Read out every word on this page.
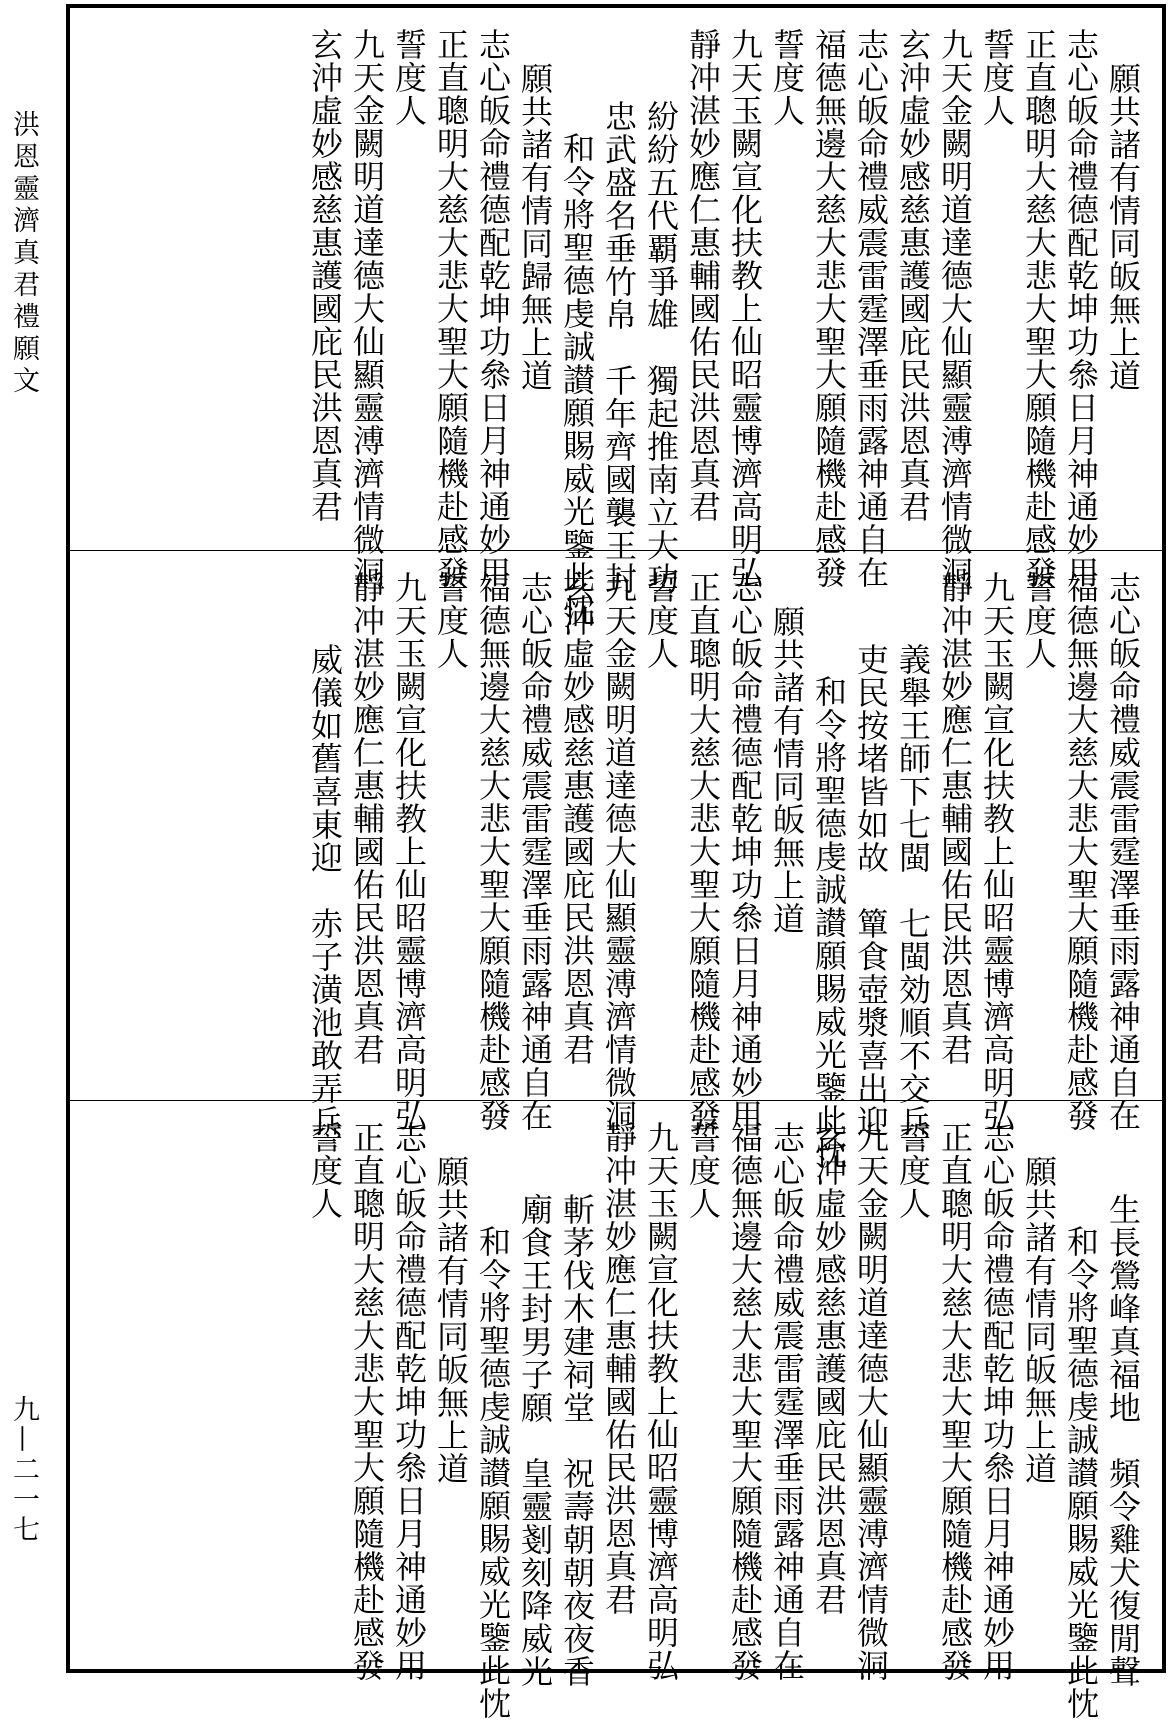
洪恩靈濟真君禮願文
九—二一七
願共諸有情同皈無上道
志心皈命禮德配乾坤功叅日月神通妙用
正直聰明大慈大悲大聖大願隨機赴感發
誓度人
九天金闕明道達德大仙顯靈溥濟情微洞
玄沖虛妙感慈惠護國庇民洪恩真君
志心皈命禮威震雷霆澤垂雨露神通自在
福德無邊大慈大悲大聖大願隨機赴感發
誓度人
九天玉闕宣化扶教上仙昭靈博濟高明弘
靜冲湛妙應仁惠輔國佑民洪恩真君
紛紛五代覇爭雄　獨起推南立大功
忠武盛名垂竹帛　千年齊國襲王封
和令將聖德虔誠讃願賜威光鑒此忱
願共諸有情同歸無上道
志心皈命禮德配乾坤功叅日月神通妙用
正直聰明大慈大悲大聖大願隨機赴感發
誓度人
九天金闕明道達德大仙顯靈溥濟情微洞
玄沖虛妙感慈惠護國庇民洪恩真君
志心皈命禮威震雷霆澤垂雨露神通自在
福德無邊大慈大悲大聖大願隨機赴感發
誓度人
九天玉闕宣化扶教上仙昭靈博濟高明弘
靜冲湛妙應仁惠輔國佑民洪恩真君
義舉王師下七閩　七閩効順不交兵
吏民按堵皆如故　簞食壺漿喜出迎
和令將聖德虔誠讃願賜威光鑒此忱
願共諸有情同皈無上道
志心皈命禮德配乾坤功叅日月神通妙用
正直聰明大慈大悲大聖大願隨機赴感發
誓度人
九天金闕明道達德大仙顯靈溥濟情微洞
玄沖虛妙感慈惠護國庇民洪恩真君
志心皈命禮威震雷霆澤垂雨露神通自在
福德無邊大慈大悲大聖大願隨機赴感發
誓度人
九天玉闕宣化扶教上仙昭靈博濟高明弘
靜冲湛妙應仁惠輔國佑民洪恩真君
威儀如舊喜東迎　赤子潢池敢弄兵
生長鶯峰真福地　頻令雞犬復閒聲
和令將聖德虔誠讃願賜威光鑒此忱
願共諸有情同皈無上道
志心皈命禮德配乾坤功叅日月神通妙用
正直聰明大慈大悲大聖大願隨機赴感發
誓度人
九天金闕明道達德大仙顯靈溥濟情微洞
玄沖虛妙感慈惠護國庇民洪恩真君
志心皈命禮威震雷霆澤垂雨露神通自在
福德無邊大慈大悲大聖大願隨機赴感發
誓度人
九天玉闕宣化扶教上仙昭靈博濟高明弘
靜冲湛妙應仁惠輔國佑民洪恩真君
斬茅伐木建祠堂　祝壽朝朝夜夜香
廟食王封男子願　皇靈剗刻降威光
和令將聖德虔誠讃願賜威光鑒此忱
願共諸有情同皈無上道
志心皈命禮德配乾坤功叅日月神通妙用
正直聰明大慈大悲大聖大願隨機赴感發
誓度人
